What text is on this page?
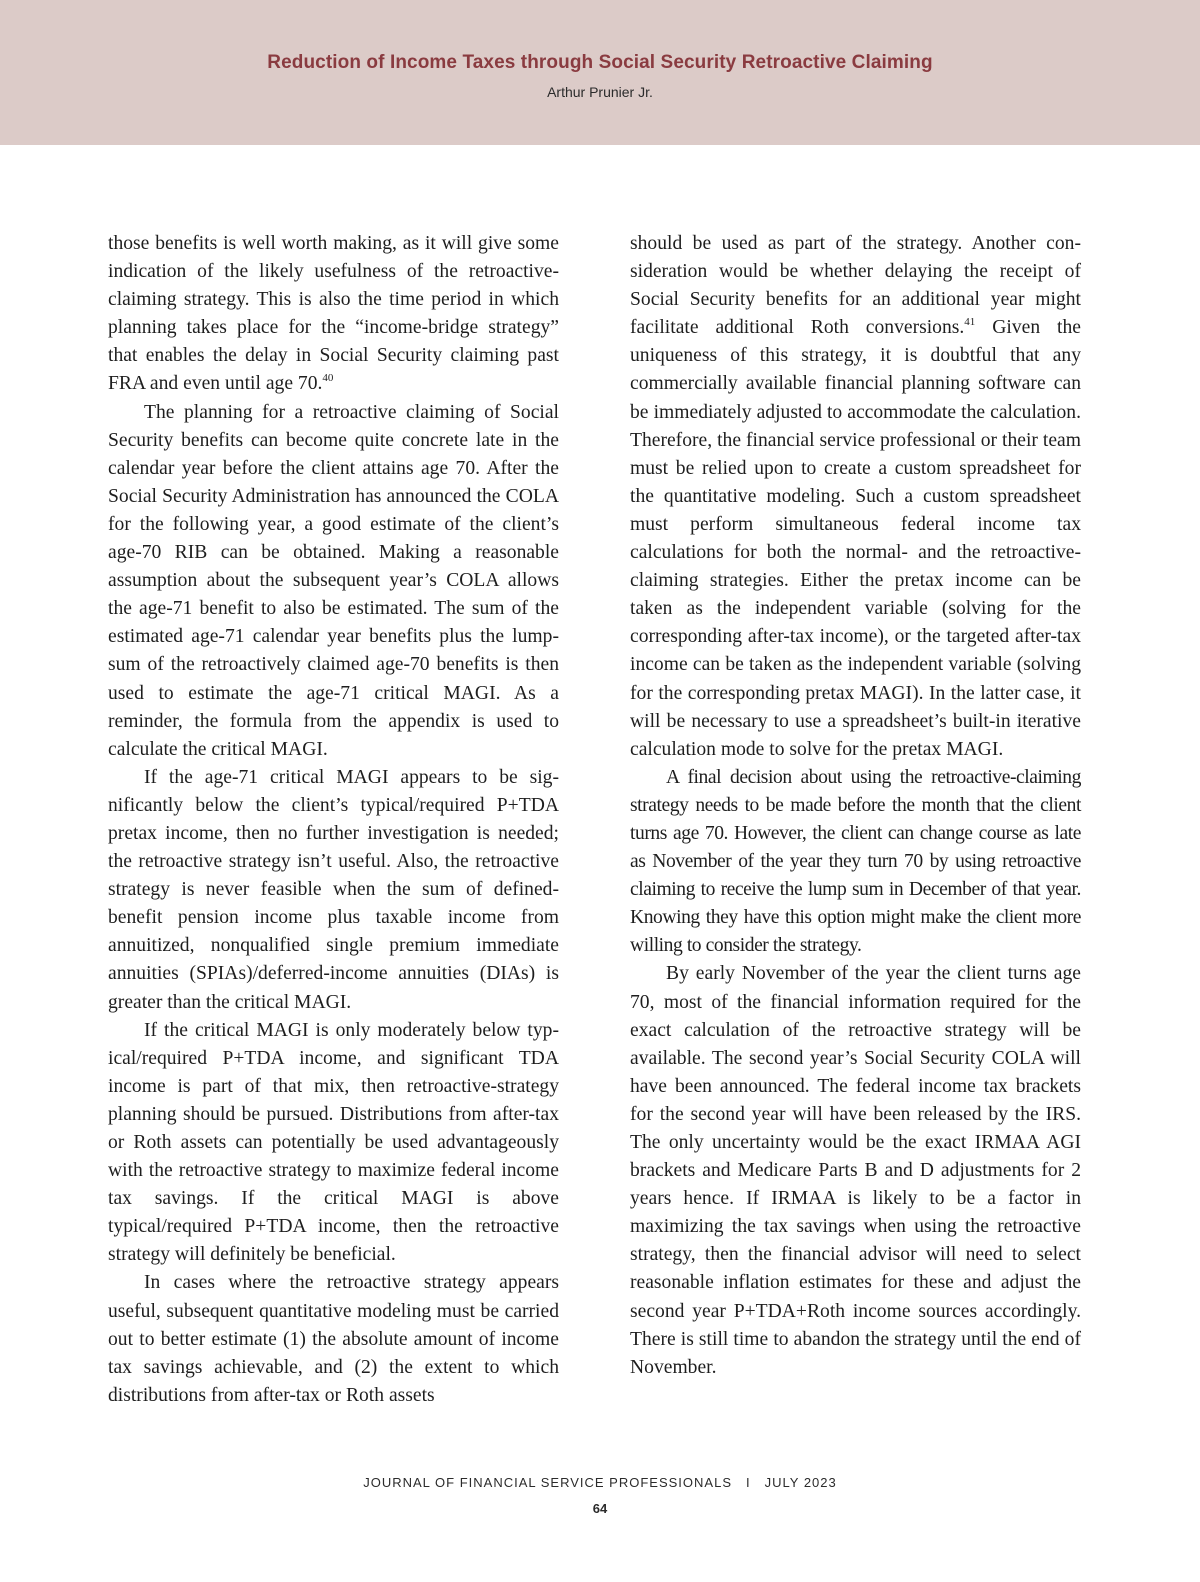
Reduction of Income Taxes through Social Security Retroactive Claiming
Arthur Prunier Jr.

those benefits is well worth making, as it will give some indication of the likely usefulness of the retroactive-claiming strategy. This is also the time period in which planning takes place for the “income-bridge strategy” that enables the delay in Social Security claiming past FRA and even until age 70.40

The planning for a retroactive claiming of Social Security benefits can become quite concrete late in the calendar year before the client attains age 70. After the Social Security Administration has announced the COLA for the following year, a good estimate of the client’s age-70 RIB can be obtained. Making a reasonable assumption about the subsequent year’s COLA allows the age-71 benefit to also be estimated. The sum of the estimated age-71 calendar year benefits plus the lump-sum of the retroactively claimed age-70 benefits is then used to estimate the age-71 critical MAGI. As a reminder, the formula from the appendix is used to calculate the critical MAGI.

If the age-71 critical MAGI appears to be significantly below the client’s typical/required P+TDA pretax income, then no further investigation is needed; the retroactive strategy isn’t useful. Also, the retroactive strategy is never feasible when the sum of defined-benefit pension income plus taxable income from annuitized, nonqualified single premium immediate annuities (SPIAs)/deferred-income annuities (DIAs) is greater than the critical MAGI.

If the critical MAGI is only moderately below typical/required P+TDA income, and significant TDA income is part of that mix, then retroactive-strategy planning should be pursued. Distributions from after-tax or Roth assets can potentially be used advantageously with the retroactive strategy to maximize federal income tax savings. If the critical MAGI is above typical/required P+TDA income, then the retroactive strategy will definitely be beneficial.

In cases where the retroactive strategy appears useful, subsequent quantitative modeling must be carried out to better estimate (1) the absolute amount of income tax savings achievable, and (2) the extent to which distributions from after-tax or Roth assets

should be used as part of the strategy. Another consideration would be whether delaying the receipt of Social Security benefits for an additional year might facilitate additional Roth conversions.$^{41}$ Given the uniqueness of this strategy, it is doubtful that any commercially available financial planning software can be immediately adjusted to accommodate the calculation. Therefore, the financial service professional or their team must be relied upon to create a custom spreadsheet for the quantitative modeling. Such a custom spreadsheet must perform simultaneous federal income tax calculations for both the normal- and the retroactive-claiming strategies. Either the pretax income can be taken as the independent variable (solving for the corresponding after-tax income), or the targeted after-tax income can be taken as the independent variable (solving for the corresponding pretax MAGI). In the latter case, it will be necessary to use a spreadsheet’s built-in iterative calculation mode to solve for the pretax MAGI.

A final decision about using the retroactive-claiming strategy needs to be made before the month that the client turns age 70. However, the client can change course as late as November of the year they turn 70 by using retroactive claiming to receive the lump sum in December of that year. Knowing they have this option might make the client more willing to consider the strategy.

By early November of the year the client turns age 70, most of the financial information required for the exact calculation of the retroactive strategy will be available. The second year’s Social Security COLA will have been announced. The federal income tax brackets for the second year will have been released by the IRS. The only uncertainty would be the exact IRMAA AGI brackets and Medicare Parts B and D adjustments for 2 years hence. If IRMAA is likely to be a factor in maximizing the tax savings when using the retroactive strategy, then the financial advisor will need to select reasonable inflation estimates for these and adjust the second year P+TDA+Roth income sources accordingly. There is still time to abandon the strategy until the end of November.

JOURNAL OF FINANCIAL SERVICE PROFESSIONALS I JULY 2023
64
